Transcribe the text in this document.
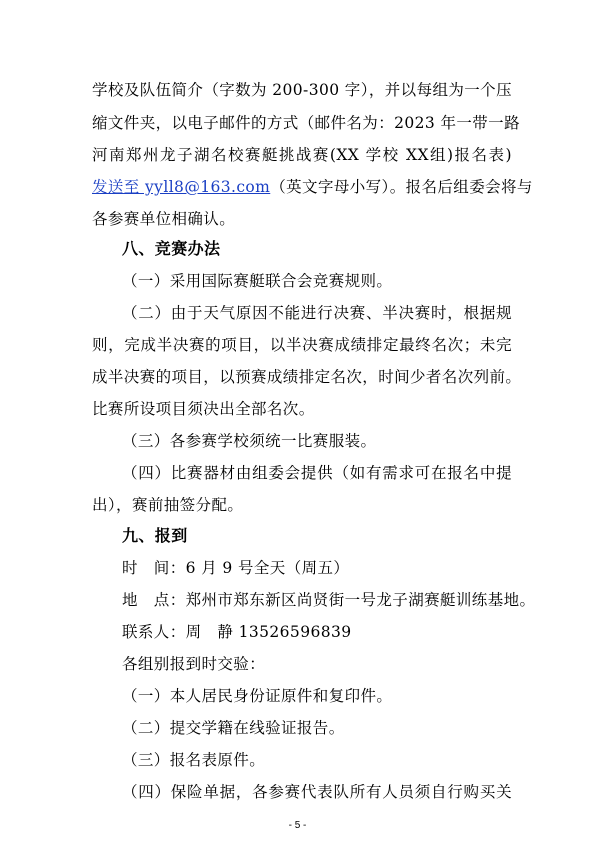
学校及队伍简介（字数为 200-300 字），并以每组为一个压
缩文件夹，以电子邮件的方式（邮件名为：2023 年一带一路
河南郑州龙子湖名校赛艇挑战赛(XX 学校 XX组)报名表)
发送至 yyll8@163.com（英文字母小写）。报名后组委会将与
各参赛单位相确认。
八、竞赛办法
（一）采用国际赛艇联合会竞赛规则。
（二）由于天气原因不能进行决赛、半决赛时，根据规
则，完成半决赛的项目，以半决赛成绩排定最终名次；未完
成半决赛的项目，以预赛成绩排定名次，时间少者名次列前。
比赛所设项目须决出全部名次。
（三）各参赛学校须统一比赛服装。
（四）比赛器材由组委会提供（如有需求可在报名中提
出），赛前抽签分配。
九、报到
时　间：6 月 9 号全天（周五）
地　点：郑州市郑东新区尚贤街一号龙子湖赛艇训练基地。
联系人：周　静 13526596839
各组别报到时交验：
（一）本人居民身份证原件和复印件。
（二）提交学籍在线验证报告。
（三）报名表原件。
（四）保险单据，各参赛代表队所有人员须自行购买关
- 5 -
